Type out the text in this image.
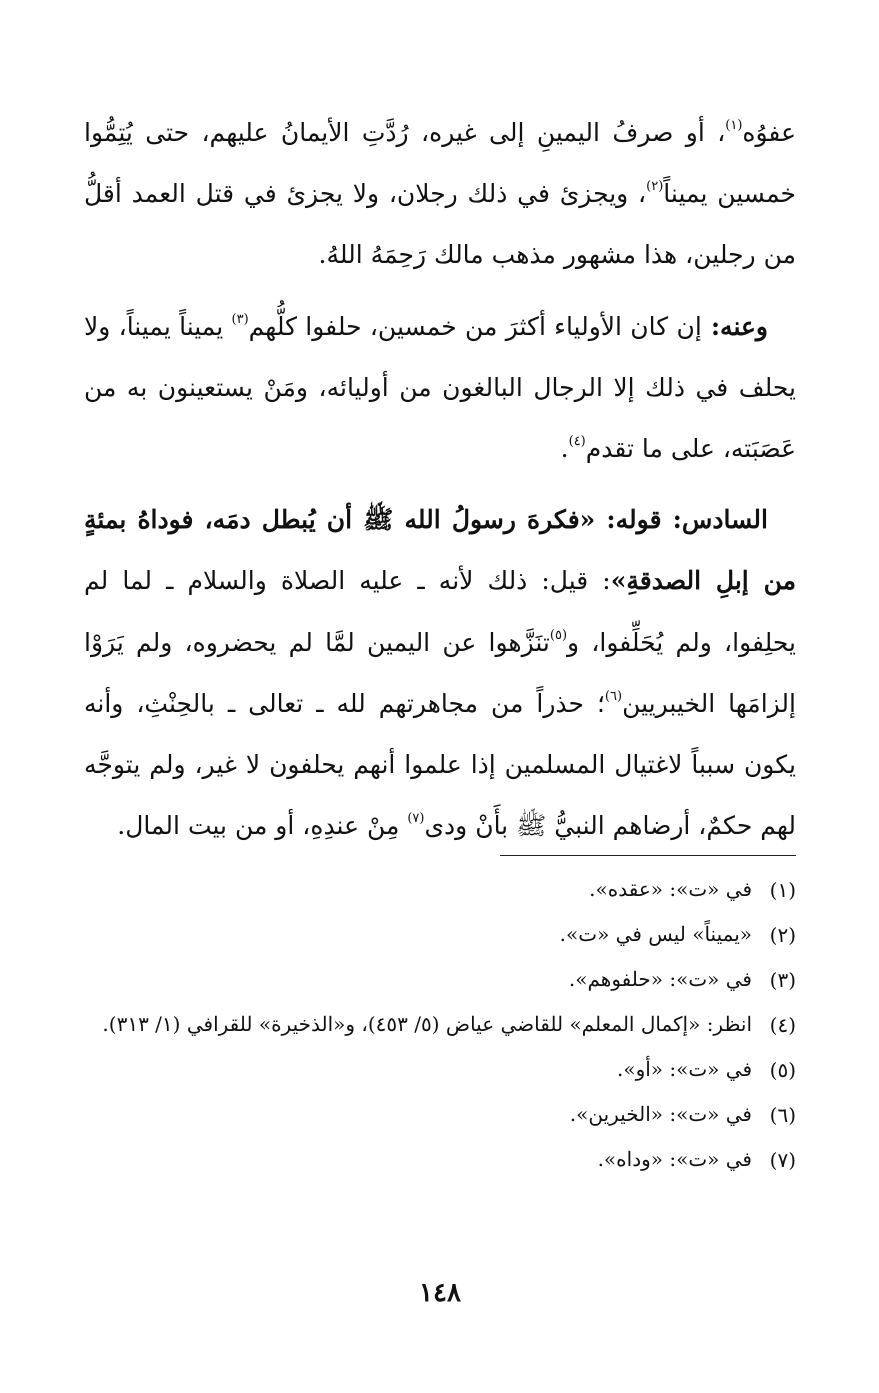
عفوُه$^{(١)}$، أو صرفُ اليمينِ إلى غيره، رُدَّتِ الأيمانُ عليهم، حتى يُتِمُّوا خمسين يميناً$^{(٢)}$، ويجزئ في ذلك رجلان، ولا يجزئ في قتل العمد أقلُّ من رجلين، هذا مشهور مذهب مالك رَحِمَهُ اللهُ.

وعنه: إن كان الأولياء أكثرَ من خمسين، حلفوا كلُّهم$^{(٣)}$ يميناً يميناً، ولا يحلف في ذلك إلا الرجال البالغون من أوليائه، ومَنْ يستعينون به من عَصَبَته، على ما تقدم$^{(٤)}$.

السادس: قوله: «فكرهَ رسولُ الله ﷺ أن يُبطل دمَه، فوداهُ بمئةٍ من إبلِ الصدقةِ»: قيل: ذلك لأنه ـ عليه الصلاة والسلام ـ لما لم يحلِفوا، ولم يُحَلِّفوا، و$^{(٥)}$تنَزَّهوا عن اليمين لمَّا لم يحضروه، ولم يَرَوْا إلزامَها الخيبريين$^{(٦)}$؛ حذراً من مجاهرتهم لله ـ تعالى ـ بالحِنْثِ، وأنه يكون سبباً لاغتيال المسلمين إذا علموا أنهم يحلفون لا غير، ولم يتوجَّه لهم حكمٌ، أرضاهم النبيُّ ﷺ بأَنْ ودى$^{(٧)}$ مِنْ عندِهِ، أو من بيت المال.

(١)
في «ت»: «عقده».
(٢)
«يميناً» ليس في «ت».
(٣)
في «ت»: «حلفوهم».
(٤)
انظر: «إكمال المعلم» للقاضي عياض (٥/ ٤٥٣)، و«الذخيرة» للقرافي (١/ ٣١٣).
(٥)
في «ت»: «أو».
(٦)
في «ت»: «الخيرين».
(٧)
في «ت»: «وداه».
١٤٨
